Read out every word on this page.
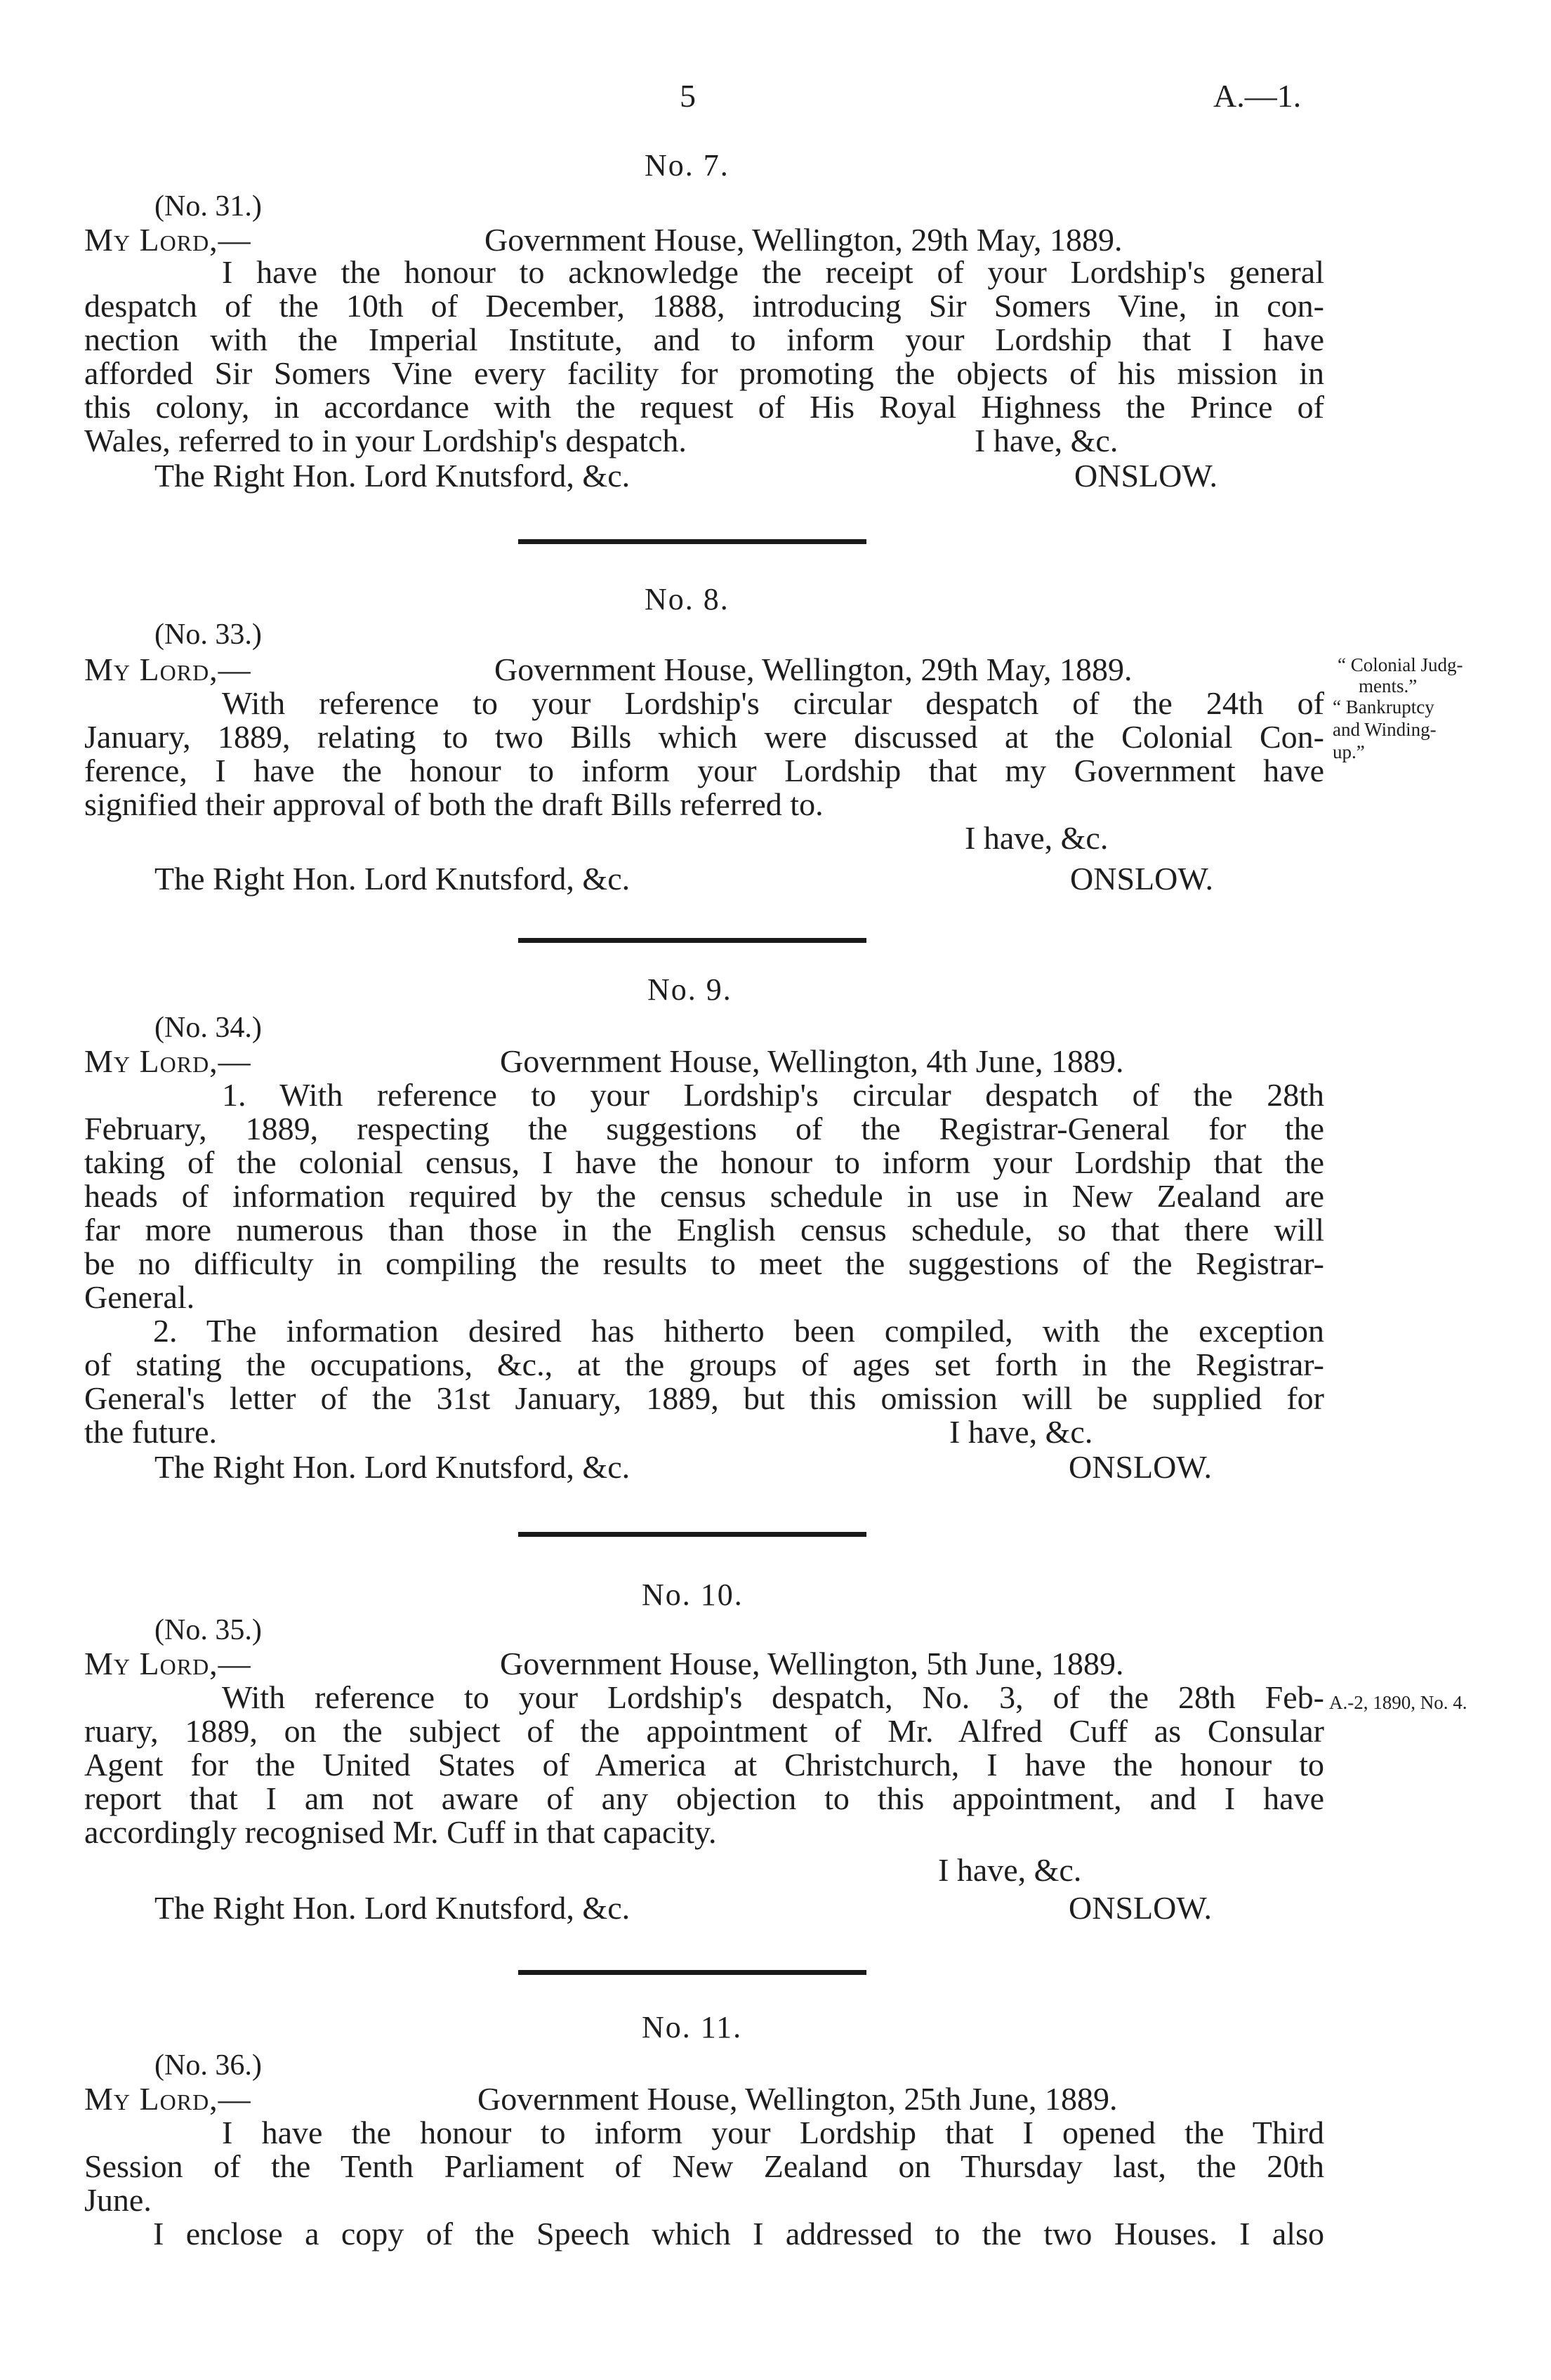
5	A.—1.
No. 7.
(No. 31.)
My Lord,—	Government House, Wellington, 29th May, 1889.
I have the honour to acknowledge the receipt of your Lordship's general
despatch of the 10th of December, 1888, introducing Sir Somers Vine, in con-
nection with the Imperial Institute, and to inform your Lordship that I have
afforded Sir Somers Vine every facility for promoting the objects of his mission in
this colony, in accordance with the request of His Royal Highness the Prince of
Wales, referred to in your Lordship's despatch.	I have, &c.
The Right Hon. Lord Knutsford, &c.	ONSLOW.
No. 8.
(No. 33.)
My Lord,—	Government House, Wellington, 29th May, 1889.
With reference to your Lordship's circular despatch of the 24th of
January, 1889, relating to two Bills which were discussed at the Colonial Con-
ference, I have the honour to inform your Lordship that my Government have
signified their approval of both the draft Bills referred to.
I have, &c.
The Right Hon. Lord Knutsford, &c.	ONSLOW.
“ Colonial Judg-
ments.”
“ Bankruptcy
and Winding-
up.”
No. 9.
(No. 34.)
My Lord,—	Government House, Wellington, 4th June, 1889.
1. With reference to your Lordship's circular despatch of the 28th
February, 1889, respecting the suggestions of the Registrar-General for the
taking of the colonial census, I have the honour to inform your Lordship that the
heads of information required by the census schedule in use in New Zealand are
far more numerous than those in the English census schedule, so that there will
be no difficulty in compiling the results to meet the suggestions of the Registrar-
General.
2. The information desired has hitherto been compiled, with the exception
of stating the occupations, &c., at the groups of ages set forth in the Registrar-
General's letter of the 31st January, 1889, but this omission will be supplied for
the future.	I have, &c.
The Right Hon. Lord Knutsford, &c.	ONSLOW.
No. 10.
(No. 35.)
My Lord,—	Government House, Wellington, 5th June, 1889.
With reference to your Lordship's despatch, No. 3, of the 28th Feb-
ruary, 1889, on the subject of the appointment of Mr. Alfred Cuff as Consular
Agent for the United States of America at Christchurch, I have the honour to
report that I am not aware of any objection to this appointment, and I have
accordingly recognised Mr. Cuff in that capacity.
I have, &c.
The Right Hon. Lord Knutsford, &c.	ONSLOW.
A.-2, 1890, No. 4.
No. 11.
(No. 36.)
My Lord,—	Government House, Wellington, 25th June, 1889.
I have the honour to inform your Lordship that I opened the Third
Session of the Tenth Parliament of New Zealand on Thursday last, the 20th
June.
I enclose a copy of the Speech which I addressed to the two Houses. I also
